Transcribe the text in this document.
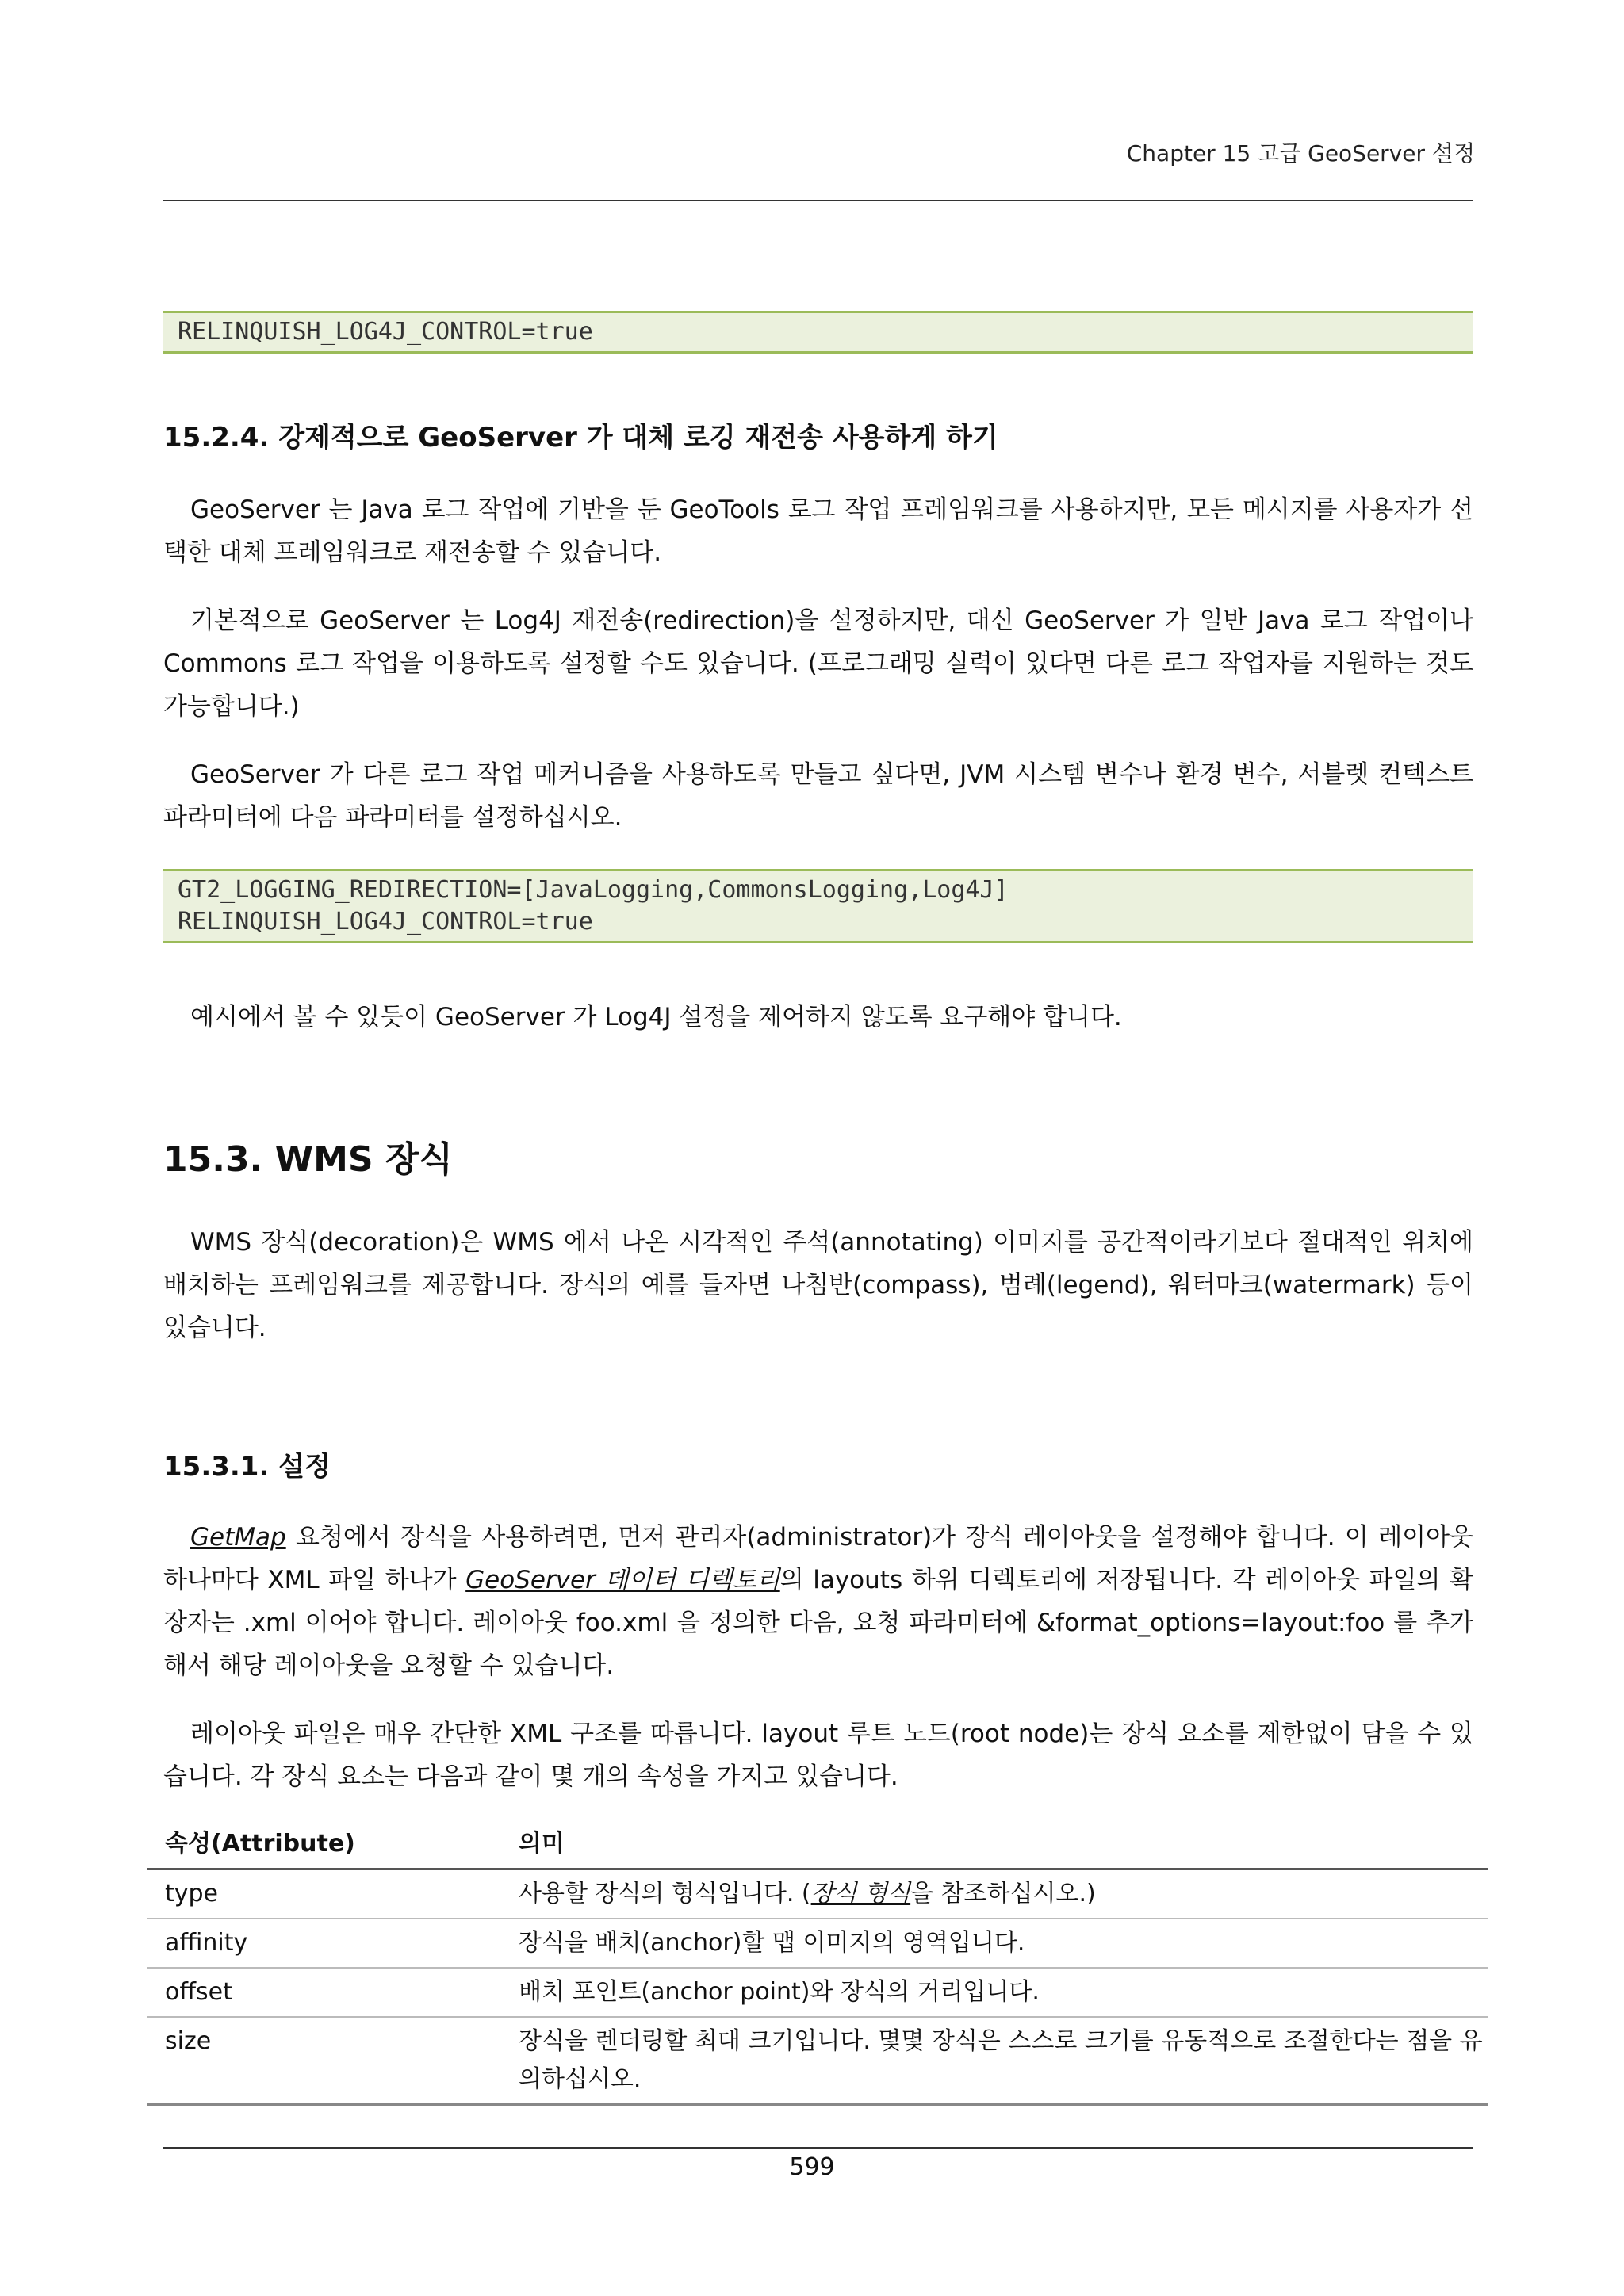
Chapter 15 고급 GeoServer 설정
RELINQUISH_LOG4J_CONTROL=true
15.2.4. 강제적으로 GeoServer 가 대체 로깅 재전송 사용하게 하기

GeoServer 는 Java 로그 작업에 기반을 둔 GeoTools 로그 작업 프레임워크를 사용하지만, 모든 메시지를 사용자가 선택한 대체 프레임워크로 재전송할 수 있습니다.

기본적으로 GeoServer 는 Log4J 재전송(redirection)을 설정하지만, 대신 GeoServer 가 일반 Java 로그 작업이나 Commons 로그 작업을 이용하도록 설정할 수도 있습니다. (프로그래밍 실력이 있다면 다른 로그 작업자를 지원하는 것도 가능합니다.)

GeoServer 가 다른 로그 작업 메커니즘을 사용하도록 만들고 싶다면, JVM 시스템 변수나 환경 변수, 서블렛 컨텍스트 파라미터에 다음 파라미터를 설정하십시오.

GT2_LOGGING_REDIRECTION=[JavaLogging,CommonsLogging,Log4J]
RELINQUISH_LOG4J_CONTROL=true

예시에서 볼 수 있듯이 GeoServer 가 Log4J 설정을 제어하지 않도록 요구해야 합니다.

15.3. WMS 장식

WMS 장식(decoration)은 WMS 에서 나온 시각적인 주석(annotating) 이미지를 공간적이라기보다 절대적인 위치에 배치하는 프레임워크를 제공합니다. 장식의 예를 들자면 나침반(compass), 범례(legend), 워터마크(watermark) 등이 있습니다.

15.3.1. 설정

GetMap 요청에서 장식을 사용하려면, 먼저 관리자(administrator)가 장식 레이아웃을 설정해야 합니다. 이 레이아웃 하나마다 XML 파일 하나가 GeoServer 데이터 디렉토리의 layouts 하위 디렉토리에 저장됩니다. 각 레이아웃 파일의 확장자는 .xml 이어야 합니다. 레이아웃 foo.xml 을 정의한 다음, 요청 파라미터에 &format_options=layout:foo 를 추가해서 해당 레이아웃을 요청할 수 있습니다.

레이아웃 파일은 매우 간단한 XML 구조를 따릅니다. layout 루트 노드(root node)는 장식 요소를 제한없이 담을 수 있습니다. 각 장식 요소는 다음과 같이 몇 개의 속성을 가지고 있습니다.

속성(Attribute)	의미
type	사용할 장식의 형식입니다. (장식 형식을 참조하십시오.)
affinity	장식을 배치(anchor)할 맵 이미지의 영역입니다.
offset	배치 포인트(anchor point)와 장식의 거리입니다.
size	장식을 렌더링할 최대 크기입니다. 몇몇 장식은 스스로 크기를 유동적으로 조절한다는 점을 유의하십시오.
599
